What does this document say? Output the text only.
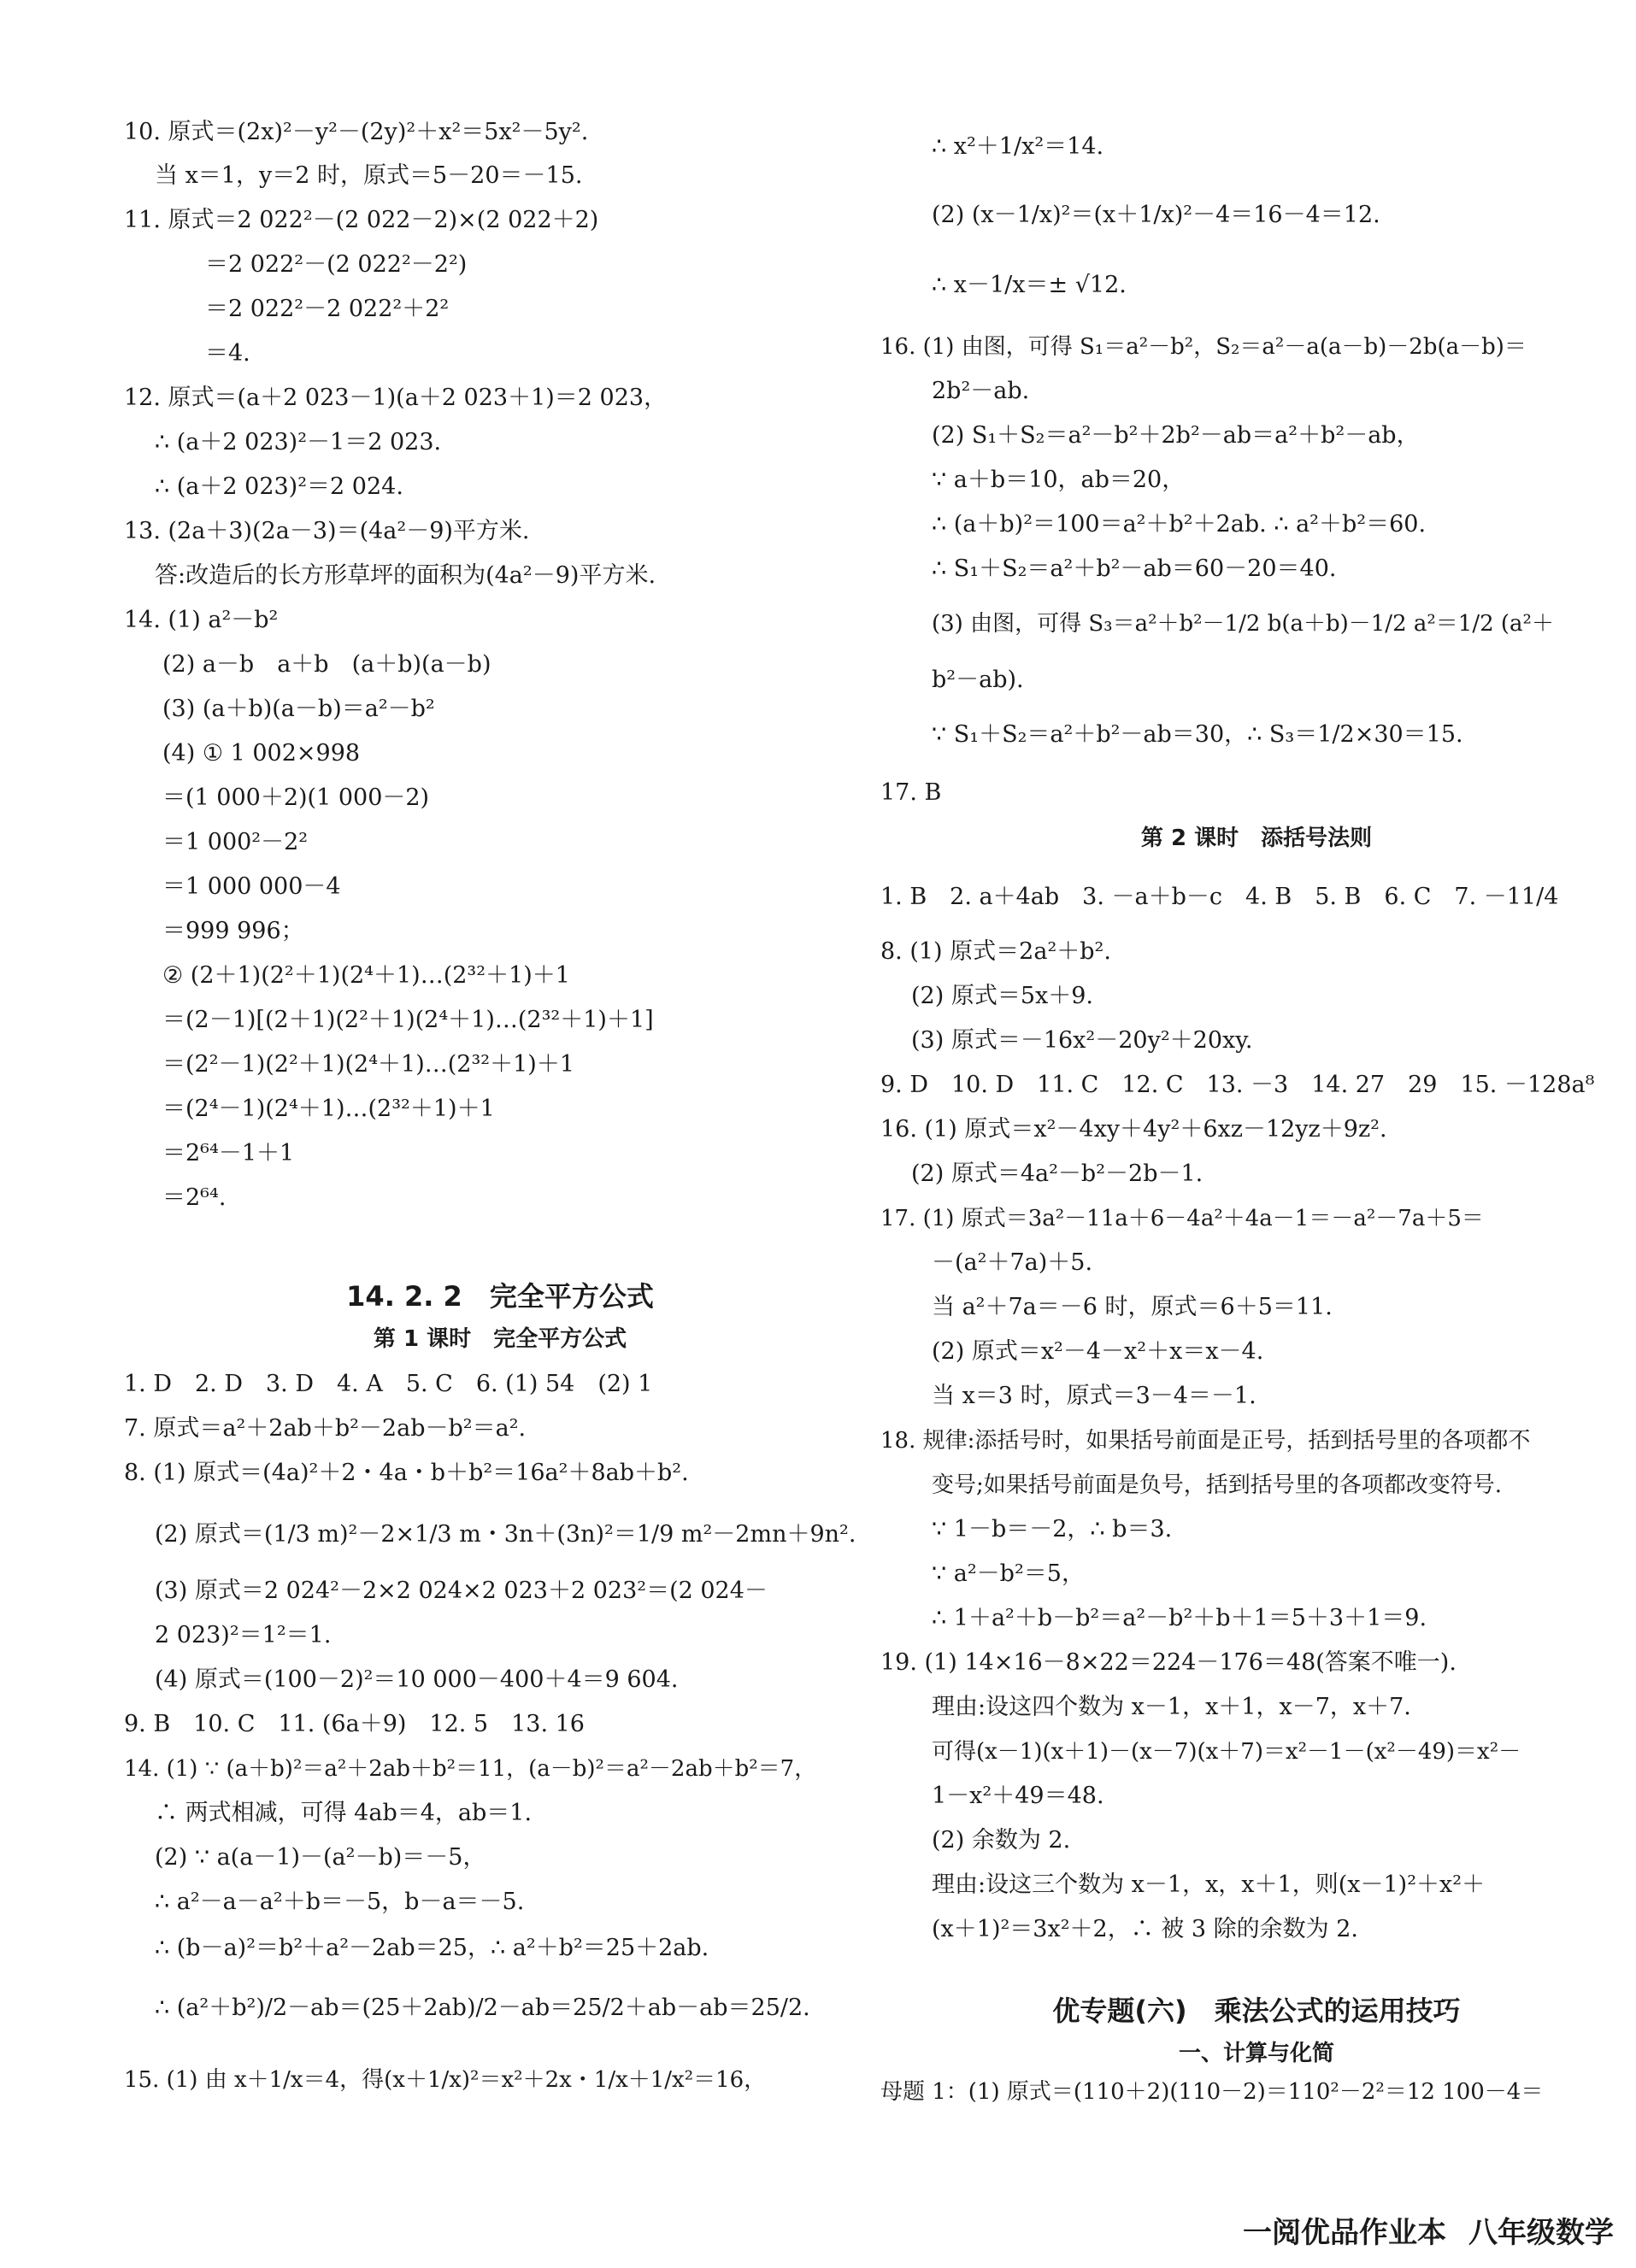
10. 原式＝(2x)²－y²－(2y)²＋x²＝5x²－5y².
当 x＝1，y＝2 时，原式＝5－20＝－15.
11. 原式＝2 022²－(2 022－2)×(2 022＋2)
＝2 022²－(2 022²－2²)
＝2 022²－2 022²＋2²
＝4.
12. 原式＝(a＋2 023－1)(a＋2 023＋1)＝2 023，
∴ (a＋2 023)²－1＝2 023.
∴ (a＋2 023)²＝2 024.
13. (2a＋3)(2a－3)＝(4a²－9)平方米.
答:改造后的长方形草坪的面积为(4a²－9)平方米.
14. (1) a²－b²
(2) a－b　a＋b　(a＋b)(a－b)
(3) (a＋b)(a－b)＝a²－b²
(4) ① 1 002×998
＝(1 000＋2)(1 000－2)
＝1 000²－2²
＝1 000 000－4
＝999 996；
② (2＋1)(2²＋1)(2⁴＋1)…(2³²＋1)＋1
＝(2－1)[(2＋1)(2²＋1)(2⁴＋1)…(2³²＋1)＋1]
＝(2²－1)(2²＋1)(2⁴＋1)…(2³²＋1)＋1
＝(2⁴－1)(2⁴＋1)…(2³²＋1)＋1
＝2⁶⁴－1＋1
＝2⁶⁴.
14. 2. 2　完全平方公式
第 1 课时　完全平方公式
1. D　2. D　3. D　4. A　5. C　6. (1) 54　(2) 1
7. 原式＝a²＋2ab＋b²－2ab－b²＝a².
8. (1) 原式＝(4a)²＋2・4a・b＋b²＝16a²＋8ab＋b².
(2) 原式＝(1/3 m)²－2×1/3 m・3n＋(3n)²＝1/9 m²－2mn＋9n².
(3) 原式＝2 024²－2×2 024×2 023＋2 023²＝(2 024－
2 023)²＝1²＝1.
(4) 原式＝(100－2)²＝10 000－400＋4＝9 604.
9. B　10. C　11. (6a＋9)　12. 5　13. 16
14. (1) ∵ (a＋b)²＝a²＋2ab＋b²＝11，(a－b)²＝a²－2ab＋b²＝7，
∴ 两式相减，可得 4ab＝4，ab＝1.
(2) ∵ a(a－1)－(a²－b)＝－5，
∴ a²－a－a²＋b＝－5，b－a＝－5.
∴ (b－a)²＝b²＋a²－2ab＝25，∴ a²＋b²＝25＋2ab.
∴ (a²＋b²)/2－ab＝(25＋2ab)/2－ab＝25/2＋ab－ab＝25/2.
15. (1) 由 x＋1/x＝4，得(x＋1/x)²＝x²＋2x・1/x＋1/x²＝16，
∴ x²＋1/x²＝14.
(2) (x－1/x)²＝(x＋1/x)²－4＝16－4＝12.
∴ x－1/x＝± √12.
16. (1) 由图，可得 S₁＝a²－b²，S₂＝a²－a(a－b)－2b(a－b)＝
2b²－ab.
(2) S₁＋S₂＝a²－b²＋2b²－ab＝a²＋b²－ab，
∵ a＋b＝10，ab＝20，
∴ (a＋b)²＝100＝a²＋b²＋2ab. ∴ a²＋b²＝60.
∴ S₁＋S₂＝a²＋b²－ab＝60－20＝40.
(3) 由图，可得 S₃＝a²＋b²－1/2 b(a＋b)－1/2 a²＝1/2 (a²＋
b²－ab).
∵ S₁＋S₂＝a²＋b²－ab＝30，∴ S₃＝1/2×30＝15.
17. B
第 2 课时　添括号法则
1. B　2. a＋4ab　3. －a＋b－c　4. B　5. B　6. C　7. －11/4
8. (1) 原式＝2a²＋b².
(2) 原式＝5x＋9.
(3) 原式＝－16x²－20y²＋20xy.
9. D　10. D　11. C　12. C　13. －3　14. 27　29　15. －128a⁸
16. (1) 原式＝x²－4xy＋4y²＋6xz－12yz＋9z².
(2) 原式＝4a²－b²－2b－1.
17. (1) 原式＝3a²－11a＋6－4a²＋4a－1＝－a²－7a＋5＝
－(a²＋7a)＋5.
当 a²＋7a＝－6 时，原式＝6＋5＝11.
(2) 原式＝x²－4－x²＋x＝x－4.
当 x＝3 时，原式＝3－4＝－1.
18. 规律:添括号时，如果括号前面是正号，括到括号里的各项都不
变号;如果括号前面是负号，括到括号里的各项都改变符号.
∵ 1－b＝－2，∴ b＝3.
∵ a²－b²＝5，
∴ 1＋a²＋b－b²＝a²－b²＋b＋1＝5＋3＋1＝9.
19. (1) 14×16－8×22＝224－176＝48(答案不唯一).
理由:设这四个数为 x－1，x＋1，x－7，x＋7.
可得(x－1)(x＋1)－(x－7)(x＋7)＝x²－1－(x²－49)＝x²－
1－x²＋49＝48.
(2) 余数为 2.
理由:设这三个数为 x－1，x，x＋1，则(x－1)²＋x²＋
(x＋1)²＝3x²＋2，∴ 被 3 除的余数为 2.
优专题(六)　乘法公式的运用技巧
一、计算与化简
母题 1：(1) 原式＝(110＋2)(110－2)＝110²－2²＝12 100－4＝
一阅优品作业本 八年级数学
